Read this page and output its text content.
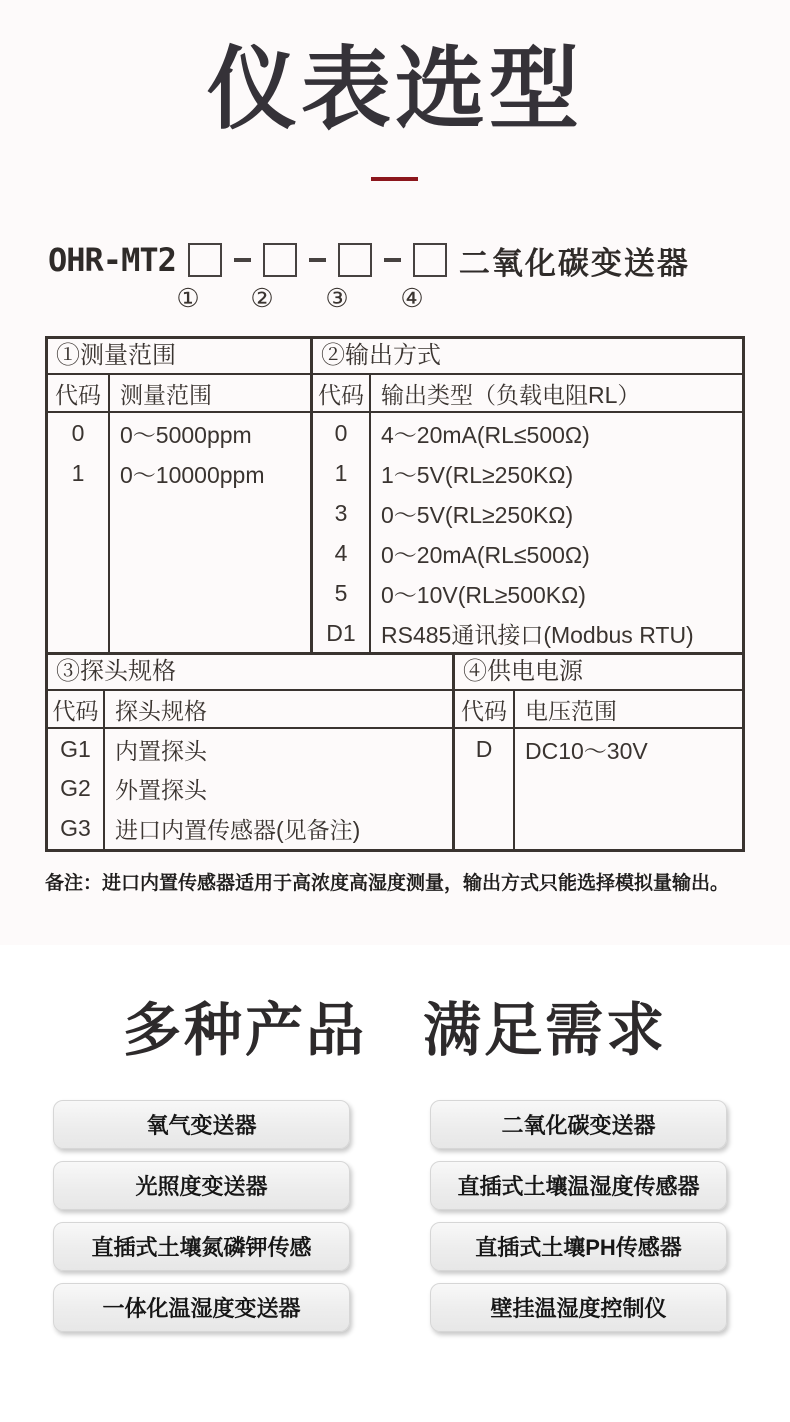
仪表选型
OHR-MT2	二氧化碳变送器
① ② ③ ④
①测量范围
代码 测量范围
0	0～5000ppm
1	0～10000ppm
②输出方式
代码 输出类型（负载电阻RL）
0	4～20mA(RL≤500Ω)
1	1～5V(RL≥250KΩ)
3	0～5V(RL≥250KΩ)
4	0～20mA(RL≤500Ω)
5	0～10V(RL≥500KΩ)
D1	RS485通讯接口(Modbus RTU)
③探头规格
代码 探头规格
G1	内置探头
G2	外置探头
G3	进口内置传感器(见备注)
④供电电源
代码 电压范围
D	DC10～30V
备注：进口内置传感器适用于高浓度高湿度测量，输出方式只能选择模拟量输出。
多种产品 满足需求
氧气变送器	二氧化碳变送器
光照度变送器	直插式土壤温湿度传感器
直插式土壤氮磷钾传感	直插式土壤PH传感器
一体化温湿度变送器	壁挂温湿度控制仪
